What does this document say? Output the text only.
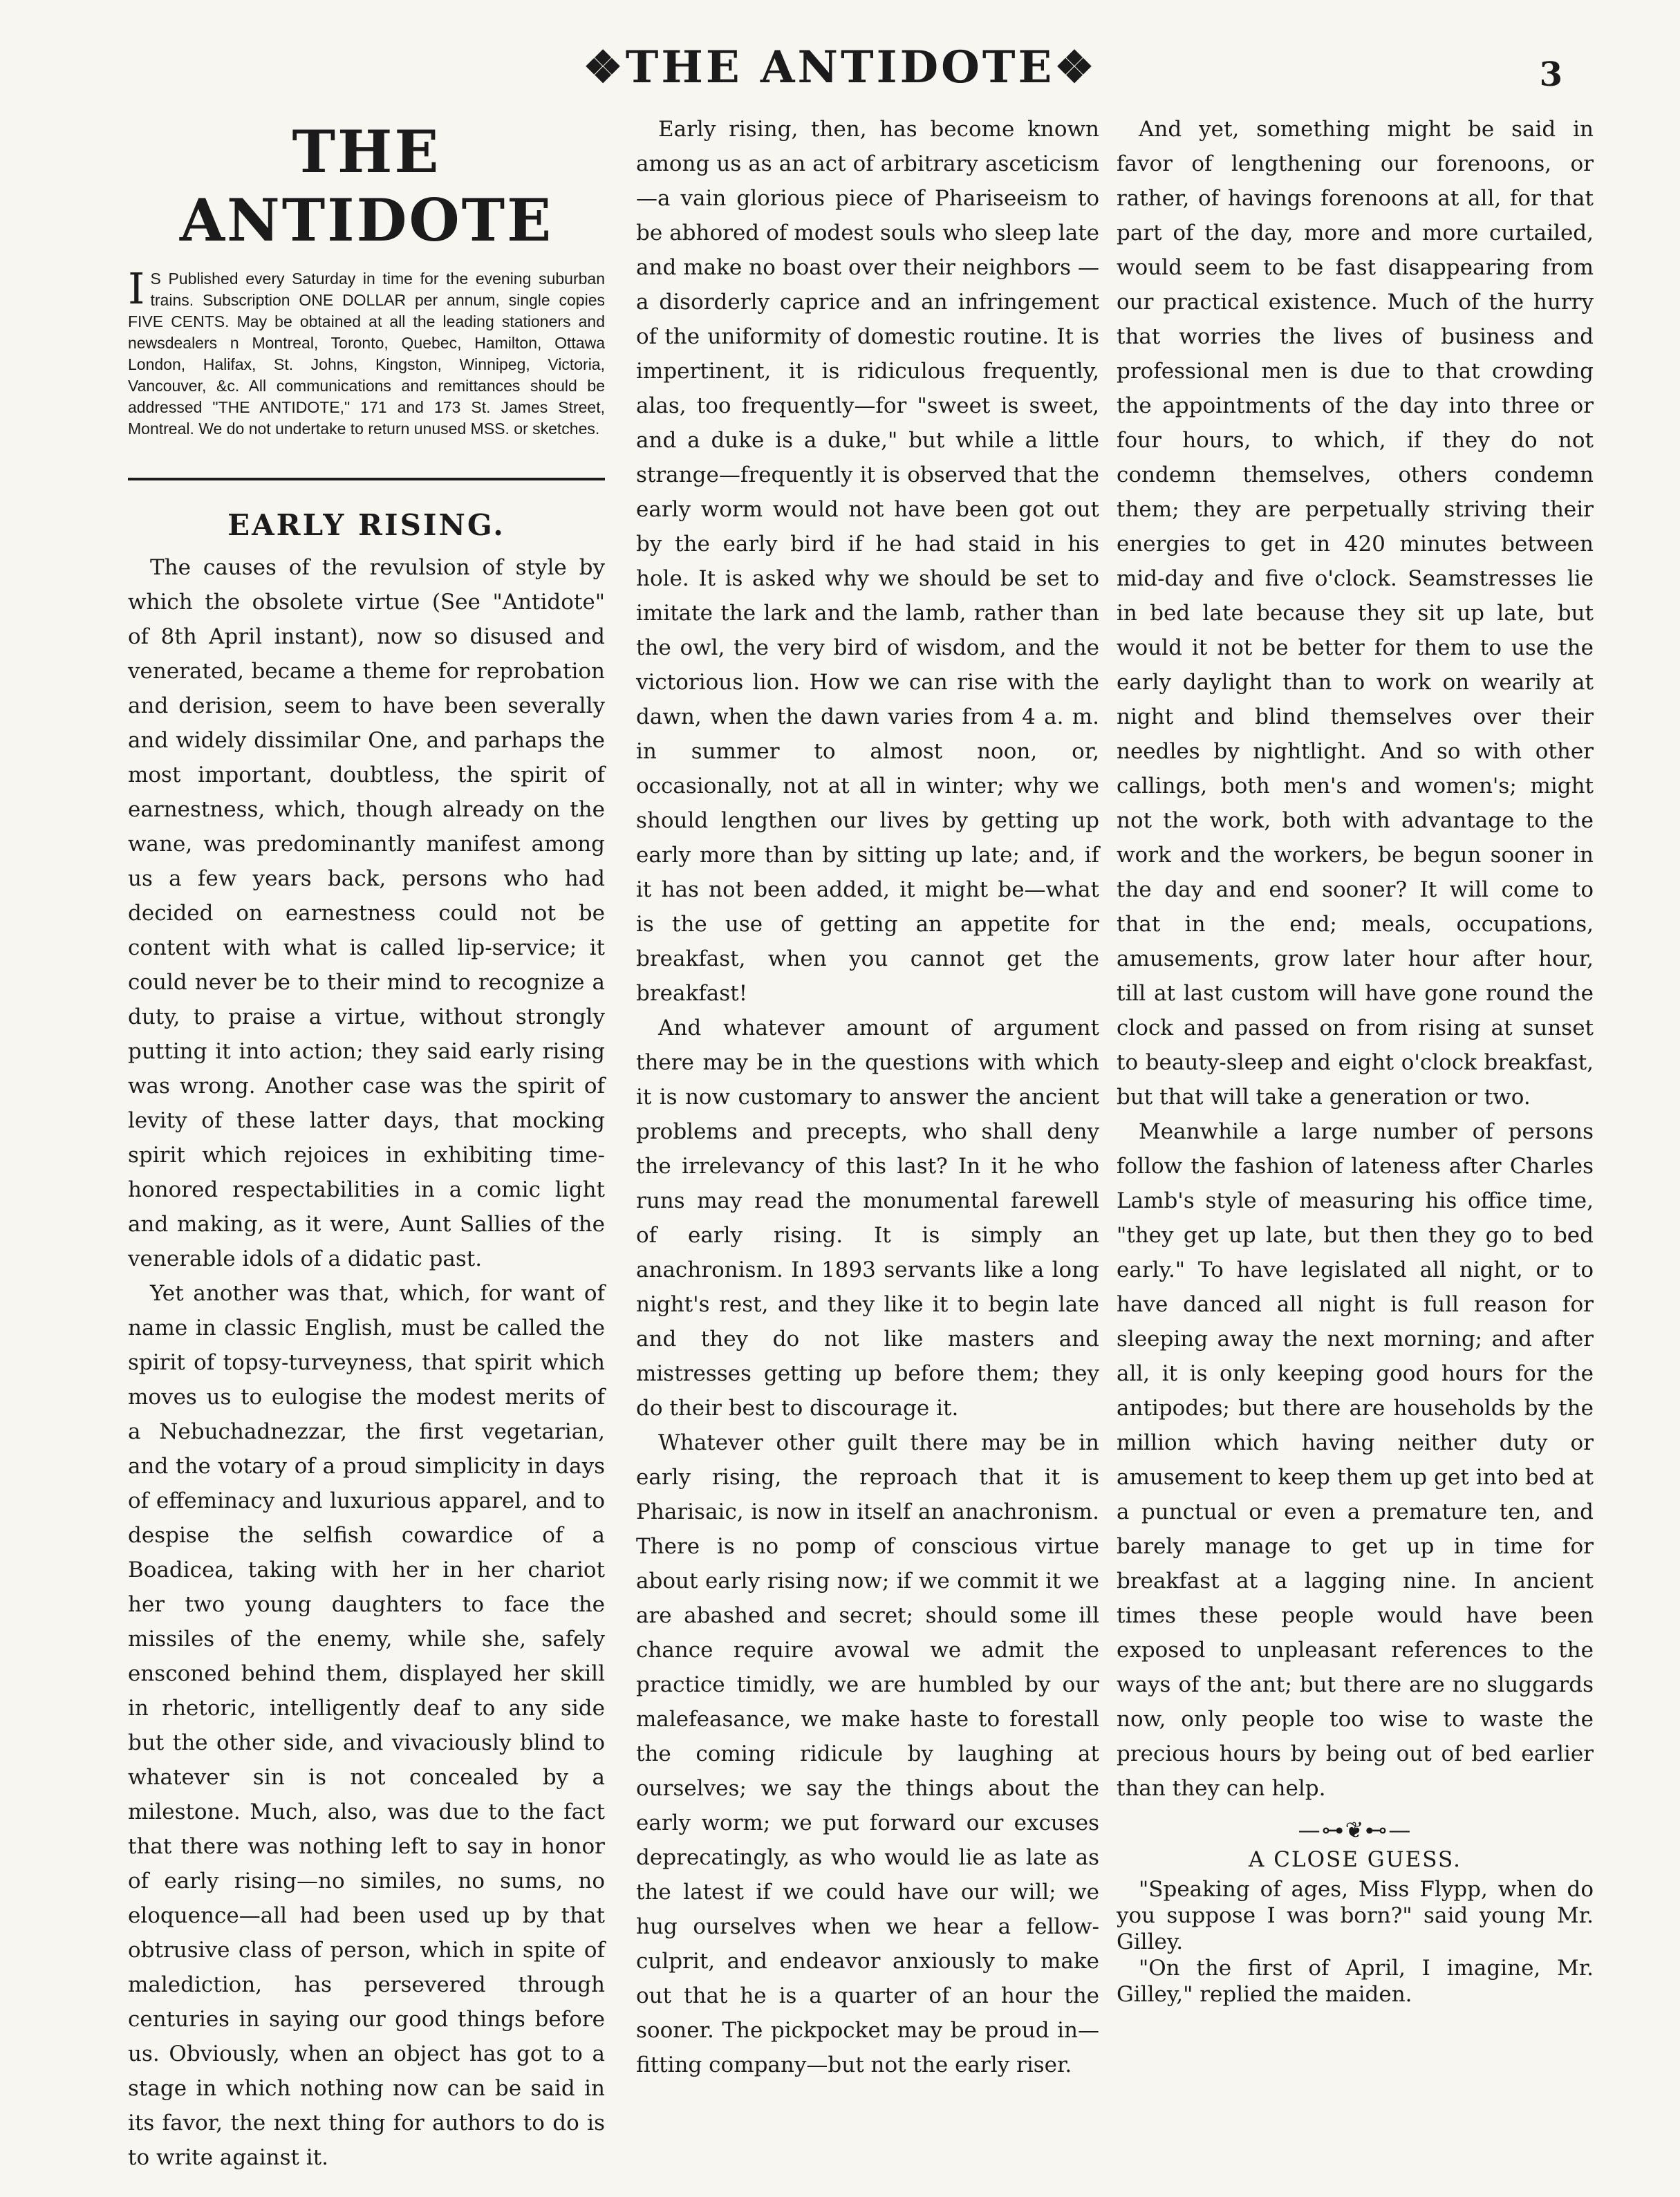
❖THE ANTIDOTE❖	3
THE ANTIDOTE

I S Published every Saturday in time for the evening suburban trains. Subscription ONE DOLLAR per annum, single copies FIVE CENTS. May be obtained at all the leading stationers and newsdealers n Montreal, Toronto, Quebec, Hamilton, Ottawa London, Halifax, St. Johns, Kingston, Winnipeg, Victoria, Vancouver, &c. All communications and remittances should be addressed "THE ANTIDOTE," 171 and 173 St. James Street, Montreal. We do not undertake to return unused MSS. or sketches.

EARLY RISING.

The causes of the revulsion of style by which the obsolete virtue (See "Antidote" of 8th April instant), now so disused and venerated, became a theme for reprobation and derision, seem to have been severally and widely dissimilar One, and parhaps the most important, doubtless, the spirit of earnestness, which, though already on the wane, was predominantly manifest among us a few years back, persons who had decided on earnestness could not be content with what is called lip-service; it could never be to their mind to recognize a duty, to praise a virtue, without strongly putting it into action; they said early rising was wrong. Another case was the spirit of levity of these latter days, that mocking spirit which rejoices in exhibiting time-honored respectabilities in a comic light and making, as it were, Aunt Sallies of the venerable idols of a didatic past.

Yet another was that, which, for want of name in classic English, must be called the spirit of topsy-turveyness, that spirit which moves us to eulogise the modest merits of a Nebuchadnezzar, the first vegetarian, and the votary of a proud simplicity in days of effeminacy and luxurious apparel, and to despise the selfish cowardice of a Boadicea, taking with her in her chariot her two young daughters to face the missiles of the enemy, while she, safely ensconed behind them, displayed her skill in rhetoric, intelligently deaf to any side but the other side, and vivaciously blind to whatever sin is not concealed by a milestone. Much, also, was due to the fact that there was nothing left to say in honor of early rising—no similes, no sums, no eloquence—all had been used up by that obtrusive class of person, which in spite of malediction, has persevered through centuries in saying our good things before us. Obviously, when an object has got to a stage in which nothing now can be said in its favor, the next thing for authors to do is to write against it.

Early rising, then, has become known among us as an act of arbitrary asceticism —a vain glorious piece of Phariseeism to be abhored of modest souls who sleep late and make no boast over their neighbors —a disorderly caprice and an infringement of the uniformity of domestic routine. It is impertinent, it is ridiculous frequently, alas, too frequently—for "sweet is sweet, and a duke is a duke," but while a little strange—frequently it is observed that the early worm would not have been got out by the early bird if he had staid in his hole. It is asked why we should be set to imitate the lark and the lamb, rather than the owl, the very bird of wisdom, and the victorious lion. How we can rise with the dawn, when the dawn varies from 4 a. m. in summer to almost noon, or, occasionally, not at all in winter; why we should lengthen our lives by getting up early more than by sitting up late; and, if it has not been added, it might be—what is the use of getting an appetite for breakfast, when you cannot get the breakfast!

And whatever amount of argument there may be in the questions with which it is now customary to answer the ancient problems and precepts, who shall deny the irrelevancy of this last? In it he who runs may read the monumental farewell of early rising. It is simply an anachronism. In 1893 servants like a long night's rest, and they like it to begin late and they do not like masters and mistresses getting up before them; they do their best to discourage it.

Whatever other guilt there may be in early rising, the reproach that it is Pharisaic, is now in itself an anachronism. There is no pomp of conscious virtue about early rising now; if we commit it we are abashed and secret; should some ill chance require avowal we admit the practice timidly, we are humbled by our malefeasance, we make haste to forestall the coming ridicule by laughing at ourselves; we say the things about the early worm; we put forward our excuses deprecatingly, as who would lie as late as the latest if we could have our will; we hug ourselves when we hear a fellow-culprit, and endeavor anxiously to make out that he is a quarter of an hour the sooner. The pickpocket may be proud in—fitting company—but not the early riser.

And yet, something might be said in favor of lengthening our forenoons, or rather, of havings forenoons at all, for that part of the day, more and more curtailed, would seem to be fast disappearing from our practical existence. Much of the hurry that worries the lives of business and professional men is due to that crowding the appointments of the day into three or four hours, to which, if they do not condemn themselves, others condemn them; they are perpetually striving their energies to get in 420 minutes between mid-day and five o'clock. Seamstresses lie in bed late because they sit up late, but would it not be better for them to use the early daylight than to work on wearily at night and blind themselves over their needles by nightlight. And so with other callings, both men's and women's; might not the work, both with advantage to the work and the workers, be begun sooner in the day and end sooner? It will come to that in the end; meals, occupations, amusements, grow later hour after hour, till at last custom will have gone round the clock and passed on from rising at sunset to beauty-sleep and eight o'clock breakfast, but that will take a generation or two.

Meanwhile a large number of persons follow the fashion of lateness after Charles Lamb's style of measuring his office time, "they get up late, but then they go to bed early." To have legislated all night, or to have danced all night is full reason for sleeping away the next morning; and after all, it is only keeping good hours for the antipodes; but there are households by the million which having neither duty or amusement to keep them up get into bed at a punctual or even a premature ten, and barely manage to get up in time for breakfast at a lagging nine. In ancient times these people would have been exposed to unpleasant references to the ways of the ant; but there are no sluggards now, only people too wise to waste the precious hours by being out of bed earlier than they can help.

—⊶❦⊷—
A CLOSE GUESS.

"Speaking of ages, Miss Flypp, when do you suppose I was born?" said young Mr. Gilley.

"On the first of April, I imagine, Mr. Gilley," replied the maiden.
